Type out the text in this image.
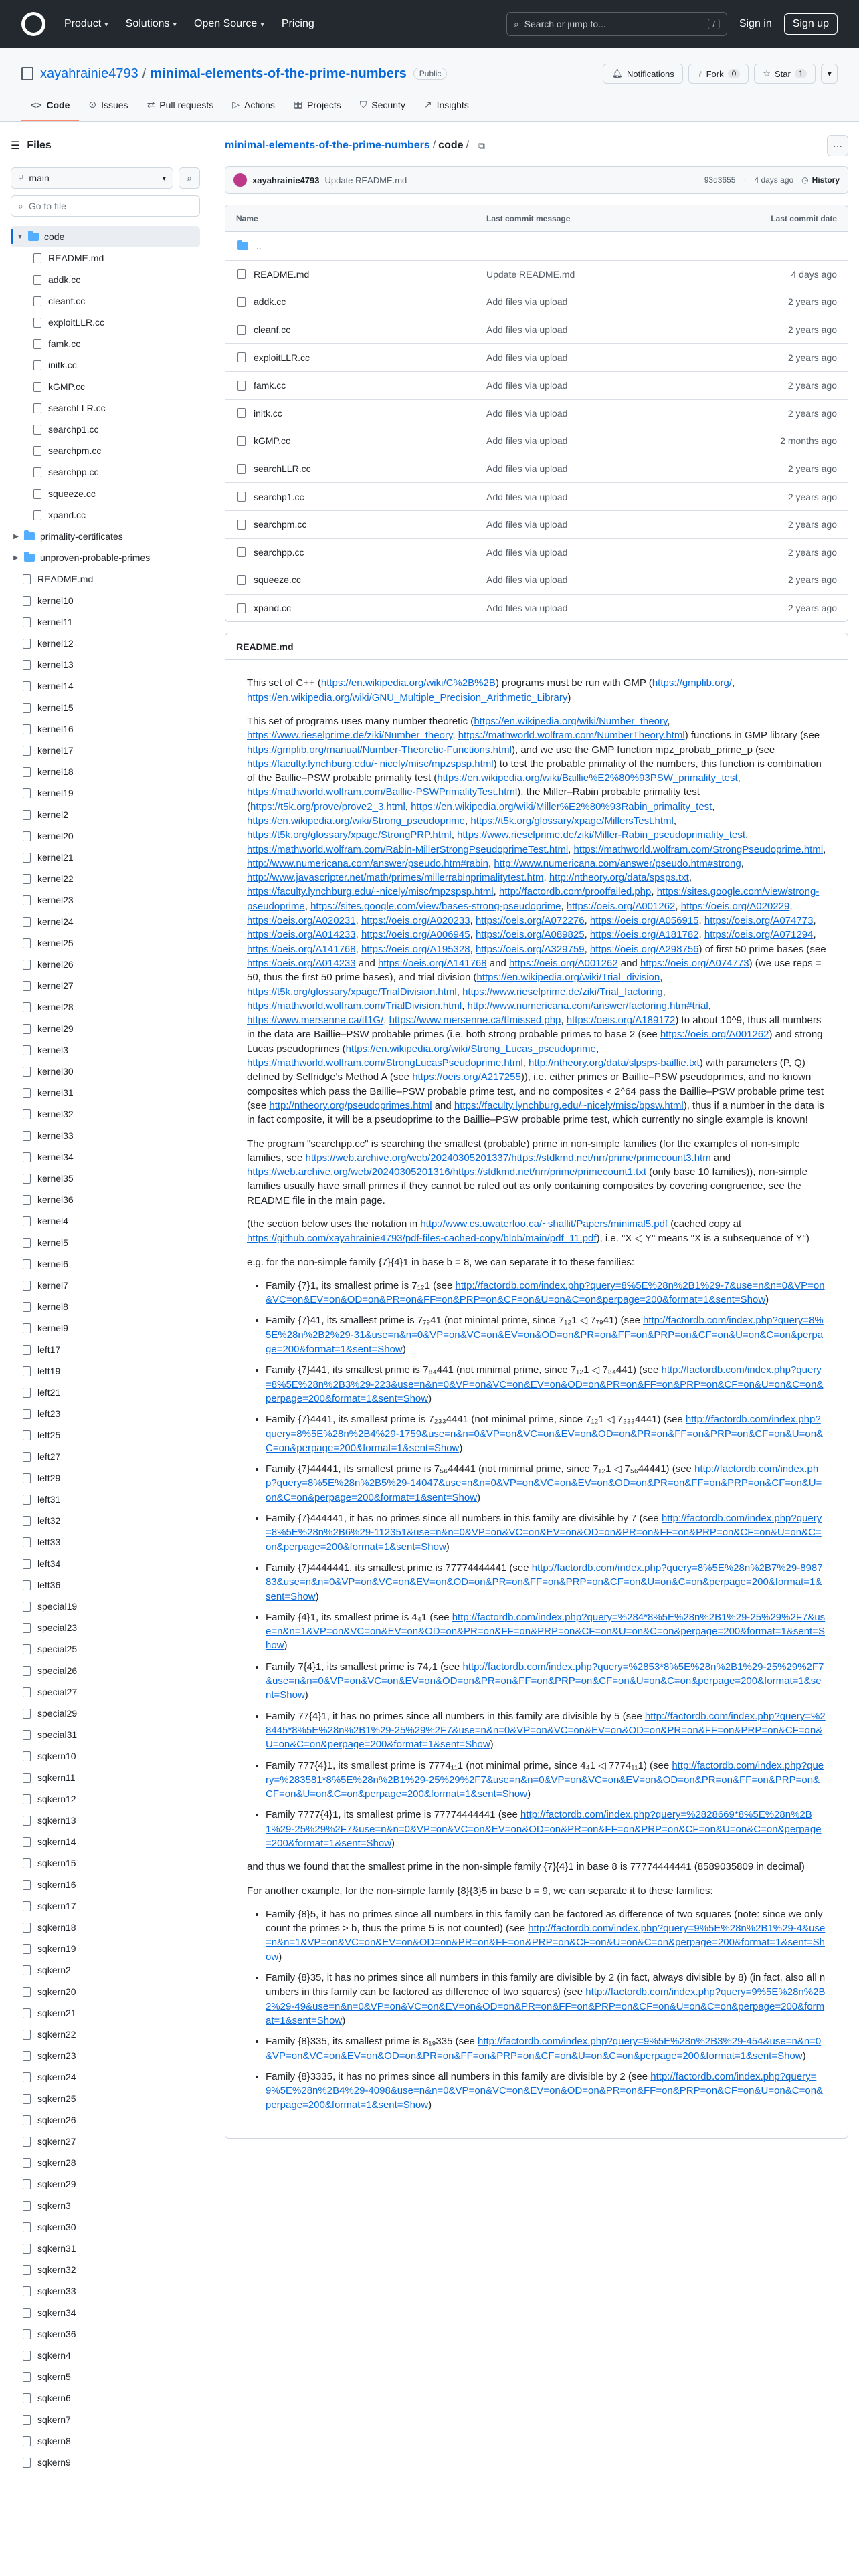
Product ▾ Solutions ▾ Open Source ▾ Pricing	⌕ Search or jump to...	/	Sign in	Sign up
xayahrainie4793 / minimal-elements-of-the-prime-numbers	Public	🔔︎ Notifications	⑂ Fork	0	☆ Star	1	▾
<> Code ⊙ Issues ⇄ Pull requests ▷ Actions ▦ Projects ⛉ Security ↗ Insights
☰ Files
⑂ main	▾ ⌕
⌕ Go to file
▼ code
README.md
addk.cc
cleanf.cc
exploitLLR.cc
famk.cc
initk.cc
kGMP.cc
searchLLR.cc
searchp1.cc
searchpm.cc
searchpp.cc
squeeze.cc
xpand.cc
▶ primality-certificates
▶ unproven-probable-primes
README.md
kernel10
kernel11
kernel12
kernel13
kernel14
kernel15
kernel16
kernel17
kernel18
kernel19
kernel2
kernel20
kernel21
kernel22
kernel23
kernel24
kernel25
kernel26
kernel27
kernel28
kernel29
kernel3
kernel30
kernel31
kernel32
kernel33
kernel34
kernel35
kernel36
kernel4
kernel5
kernel6
kernel7
kernel8
kernel9
left17
left19
left21
left23
left25
left27
left29
left31
left32
left33
left34
left36
special19
special23
special25
special26
special27
special29
special31
sqkern10
sqkern11
sqkern12
sqkern13
sqkern14
sqkern15
sqkern16
sqkern17
sqkern18
sqkern19
sqkern2
sqkern20
sqkern21
sqkern22
sqkern23
sqkern24
sqkern25
sqkern26
sqkern27
sqkern28
sqkern29
sqkern3
sqkern30
sqkern31
sqkern32
sqkern33
sqkern34
sqkern36
sqkern4
sqkern5
sqkern6
sqkern7
sqkern8
sqkern9
minimal-elements-of-the-prime-numbers / code / ⧉	···
xayahrainie4793 Update README.md	93d3655 · 4 days ago ◷ History
Name	Last commit message	Last commit date
..
README.md	Update README.md	4 days ago
addk.cc	Add files via upload	2 years ago
cleanf.cc	Add files via upload	2 years ago
exploitLLR.cc	Add files via upload	2 years ago
famk.cc	Add files via upload	2 years ago
initk.cc	Add files via upload	2 years ago
kGMP.cc	Add files via upload	2 months ago
searchLLR.cc	Add files via upload	2 years ago
searchp1.cc	Add files via upload	2 years ago
searchpm.cc	Add files via upload	2 years ago
searchpp.cc	Add files via upload	2 years ago
squeeze.cc	Add files via upload	2 years ago
xpand.cc	Add files via upload	2 years ago
README.md

This set of C++ (https://en.wikipedia.org/wiki/C%2B%2B) programs must be run with GMP (https://gmplib.org/, https://en.wikipedia.org/wiki/GNU_Multiple_Precision_Arithmetic_Library)

This set of programs uses many number theoretic (https://en.wikipedia.org/wiki/Number_theory, https://www.rieselprime.de/ziki/Number_theory, https://mathworld.wolfram.com/NumberTheory.html) functions in GMP library (see https://gmplib.org/manual/Number-Theoretic-Functions.html), and we use the GMP function mpz_probab_prime_p (see https://faculty.lynchburg.edu/~nicely/misc/mpzspsp.html) to test the probable primality of the numbers, this function is combination of the Baillie–PSW probable primality test (https://en.wikipedia.org/wiki/Baillie%E2%80%93PSW_primality_test, https://mathworld.wolfram.com/Baillie-PSWPrimalityTest.html), the Miller–Rabin probable primality test (https://t5k.org/prove/prove2_3.html, https://en.wikipedia.org/wiki/Miller%E2%80%93Rabin_primality_test, https://en.wikipedia.org/wiki/Strong_pseudoprime, https://t5k.org/glossary/xpage/MillersTest.html, https://t5k.org/glossary/xpage/StrongPRP.html, https://www.rieselprime.de/ziki/Miller-Rabin_pseudoprimality_test, https://mathworld.wolfram.com/Rabin-MillerStrongPseudoprimeTest.html, https://mathworld.wolfram.com/StrongPseudoprime.html, http://www.numericana.com/answer/pseudo.htm#rabin, http://www.numericana.com/answer/pseudo.htm#strong, http://www.javascripter.net/math/primes/millerrabinprimalitytest.htm, http://ntheory.org/data/spsps.txt, https://faculty.lynchburg.edu/~nicely/misc/mpzspsp.html, http://factordb.com/prooffailed.php, https://sites.google.com/view/strong-pseudoprime, https://sites.google.com/view/bases-strong-pseudoprime, https://oeis.org/A001262, https://oeis.org/A020229, https://oeis.org/A020231, https://oeis.org/A020233, https://oeis.org/A072276, https://oeis.org/A056915, https://oeis.org/A074773, https://oeis.org/A014233, https://oeis.org/A006945, https://oeis.org/A089825, https://oeis.org/A181782, https://oeis.org/A071294, https://oeis.org/A141768, https://oeis.org/A195328, https://oeis.org/A329759, https://oeis.org/A298756) of first 50 prime bases (see https://oeis.org/A014233 and https://oeis.org/A141768 and https://oeis.org/A001262 and https://oeis.org/A074773) (we use reps = 50, thus the first 50 prime bases), and trial division (https://en.wikipedia.org/wiki/Trial_division, https://t5k.org/glossary/xpage/TrialDivision.html, https://www.rieselprime.de/ziki/Trial_factoring, https://mathworld.wolfram.com/TrialDivision.html, http://www.numericana.com/answer/factoring.htm#trial, https://www.mersenne.ca/tf1G/, https://www.mersenne.ca/tfmissed.php, https://oeis.org/A189172) to about 10^9, thus all numbers in the data are Baillie–PSW probable primes (i.e. both strong probable primes to base 2 (see https://oeis.org/A001262) and strong Lucas pseudoprimes (https://en.wikipedia.org/wiki/Strong_Lucas_pseudoprime, https://mathworld.wolfram.com/StrongLucasPseudoprime.html, http://ntheory.org/data/slpsps-baillie.txt) with parameters (P, Q) defined by Selfridge's Method A (see https://oeis.org/A217255)), i.e. either primes or Baillie–PSW pseudoprimes, and no known composites which pass the Baillie–PSW probable prime test, and no composites < 2^64 pass the Baillie–PSW probable prime test (see http://ntheory.org/pseudoprimes.html and https://faculty.lynchburg.edu/~nicely/misc/bpsw.html), thus if a number in the data is in fact composite, it will be a pseudoprime to the Baillie–PSW probable prime test, which currently no single example is known!

The program "searchpp.cc" is searching the smallest (probable) prime in non-simple families (for the examples of non-simple families, see https://web.archive.org/web/20240305201337/https://stdkmd.net/nrr/prime/primecount3.htm and https://web.archive.org/web/20240305201316/https://stdkmd.net/nrr/prime/primecount1.txt (only base 10 families)), non-simple families usually have small primes if they cannot be ruled out as only containing composites by covering congruence, see the README file in the main page.

(the section below uses the notation in http://www.cs.uwaterloo.ca/~shallit/Papers/minimal5.pdf (cached copy at https://github.com/xayahrainie4793/pdf-files-cached-copy/blob/main/pdf_11.pdf), i.e. "X ◁ Y" means "X is a subsequence of Y")

e.g. for the non-simple family {7}{4}1 in base b = 8, we can separate it to these families:

• Family {7}1, its smallest prime is 7₁₂1 (see http://factordb.com/index.php?query=8%5E%28n%2B1%29-7&use=n&n=0&VP=on&VC=on&EV=on&OD=on&PR=on&FF=on&PRP=on&CF=on&U=on&C=on&perpage=200&format=1&sent=Show)
• Family {7}41, its smallest prime is 7₇₉41 (not minimal prime, since 7₁₂1 ◁ 7₇₉41) (see http://factordb.com/index.php?query=8%5E%28n%2B2%29-31&use=n&n=0&VP=on&VC=on&EV=on&OD=on&PR=on&FF=on&PRP=on&CF=on&U=on&C=on&perpage=200&format=1&sent=Show)
• Family {7}441, its smallest prime is 7₈₄441 (not minimal prime, since 7₁₂1 ◁ 7₈₄441) (see http://factordb.com/index.php?query=8%5E%28n%2B3%29-223&use=n&n=0&VP=on&VC=on&EV=on&OD=on&PR=on&FF=on&PRP=on&CF=on&U=on&C=on&perpage=200&format=1&sent=Show)
• Family {7}4441, its smallest prime is 7₂₃₃4441 (not minimal prime, since 7₁₂1 ◁ 7₂₃₃4441) (see http://factordb.com/index.php?query=8%5E%28n%2B4%29-1759&use=n&n=0&VP=on&VC=on&EV=on&OD=on&PR=on&FF=on&PRP=on&CF=on&U=on&C=on&perpage=200&format=1&sent=Show)
• Family {7}44441, its smallest prime is 7₅₆44441 (not minimal prime, since 7₁₂1 ◁ 7₅₆44441) (see http://factordb.com/index.php?query=8%5E%28n%2B5%29-14047&use=n&n=0&VP=on&VC=on&EV=on&OD=on&PR=on&FF=on&PRP=on&CF=on&U=on&C=on&perpage=200&format=1&sent=Show)
• Family {7}444441, it has no primes since all numbers in this family are divisible by 7 (see http://factordb.com/index.php?query=8%5E%28n%2B6%29-112351&use=n&n=0&VP=on&VC=on&EV=on&OD=on&PR=on&FF=on&PRP=on&CF=on&U=on&C=on&perpage=200&format=1&sent=Show)
• Family {7}4444441, its smallest prime is 77774444441 (see http://factordb.com/index.php?query=8%5E%28n%2B7%29-898783&use=n&n=0&VP=on&VC=on&EV=on&OD=on&PR=on&FF=on&PRP=on&CF=on&U=on&C=on&perpage=200&format=1&sent=Show)
• Family {4}1, its smallest prime is 4₄1 (see http://factordb.com/index.php?query=%284*8%5E%28n%2B1%29-25%29%2F7&use=n&n=1&VP=on&VC=on&EV=on&OD=on&PR=on&FF=on&PRP=on&CF=on&U=on&C=on&perpage=200&format=1&sent=Show)
• Family 7{4}1, its smallest prime is 74₇1 (see http://factordb.com/index.php?query=%2853*8%5E%28n%2B1%29-25%29%2F7&use=n&n=0&VP=on&VC=on&EV=on&OD=on&PR=on&FF=on&PRP=on&CF=on&U=on&C=on&perpage=200&format=1&sent=Show)
• Family 77{4}1, it has no primes since all numbers in this family are divisible by 5 (see http://factordb.com/index.php?query=%28445*8%5E%28n%2B1%29-25%29%2F7&use=n&n=0&VP=on&VC=on&EV=on&OD=on&PR=on&FF=on&PRP=on&CF=on&U=on&C=on&perpage=200&format=1&sent=Show)
• Family 777{4}1, its smallest prime is 7774₁₁1 (not minimal prime, since 4₄1 ◁ 7774₁₁1) (see http://factordb.com/index.php?query=%283581*8%5E%28n%2B1%29-25%29%2F7&use=n&n=0&VP=on&VC=on&EV=on&OD=on&PR=on&FF=on&PRP=on&CF=on&U=on&C=on&perpage=200&format=1&sent=Show)
• Family 7777{4}1, its smallest prime is 77774444441 (see http://factordb.com/index.php?query=%2828669*8%5E%28n%2B1%29-25%29%2F7&use=n&n=0&VP=on&VC=on&EV=on&OD=on&PR=on&FF=on&PRP=on&CF=on&U=on&C=on&perpage=200&format=1&sent=Show)

and thus we found that the smallest prime in the non-simple family {7}{4}1 in base 8 is 77774444441 (8589035809 in decimal)

For another example, for the non-simple family {8}{3}5 in base b = 9, we can separate it to these families:

• Family {8}5, it has no primes since all numbers in this family can be factored as difference of two squares (note: since we only count the primes > b, thus the prime 5 is not counted) (see http://factordb.com/index.php?query=9%5E%28n%2B1%29-4&use=n&n=1&VP=on&VC=on&EV=on&OD=on&PR=on&FF=on&PRP=on&CF=on&U=on&C=on&perpage=200&format=1&sent=Show)
• Family {8}35, it has no primes since all numbers in this family are divisible by 2 (in fact, always divisible by 8) (in fact, also all numbers in this family can be factored as difference of two squares) (see http://factordb.com/index.php?query=9%5E%28n%2B2%29-49&use=n&n=0&VP=on&VC=on&EV=on&OD=on&PR=on&FF=on&PRP=on&CF=on&U=on&C=on&perpage=200&format=1&sent=Show)
• Family {8}335, its smallest prime is 8₁₉335 (see http://factordb.com/index.php?query=9%5E%28n%2B3%29-454&use=n&n=0&VP=on&VC=on&EV=on&OD=on&PR=on&FF=on&PRP=on&CF=on&U=on&C=on&perpage=200&format=1&sent=Show)
• Family {8}3335, it has no primes since all numbers in this family are divisible by 2 (see http://factordb.com/index.php?query=9%5E%28n%2B4%29-4098&use=n&n=0&VP=on&VC=on&EV=on&OD=on&PR=on&FF=on&PRP=on&CF=on&U=on&C=on&perpage=200&format=1&sent=Show)
